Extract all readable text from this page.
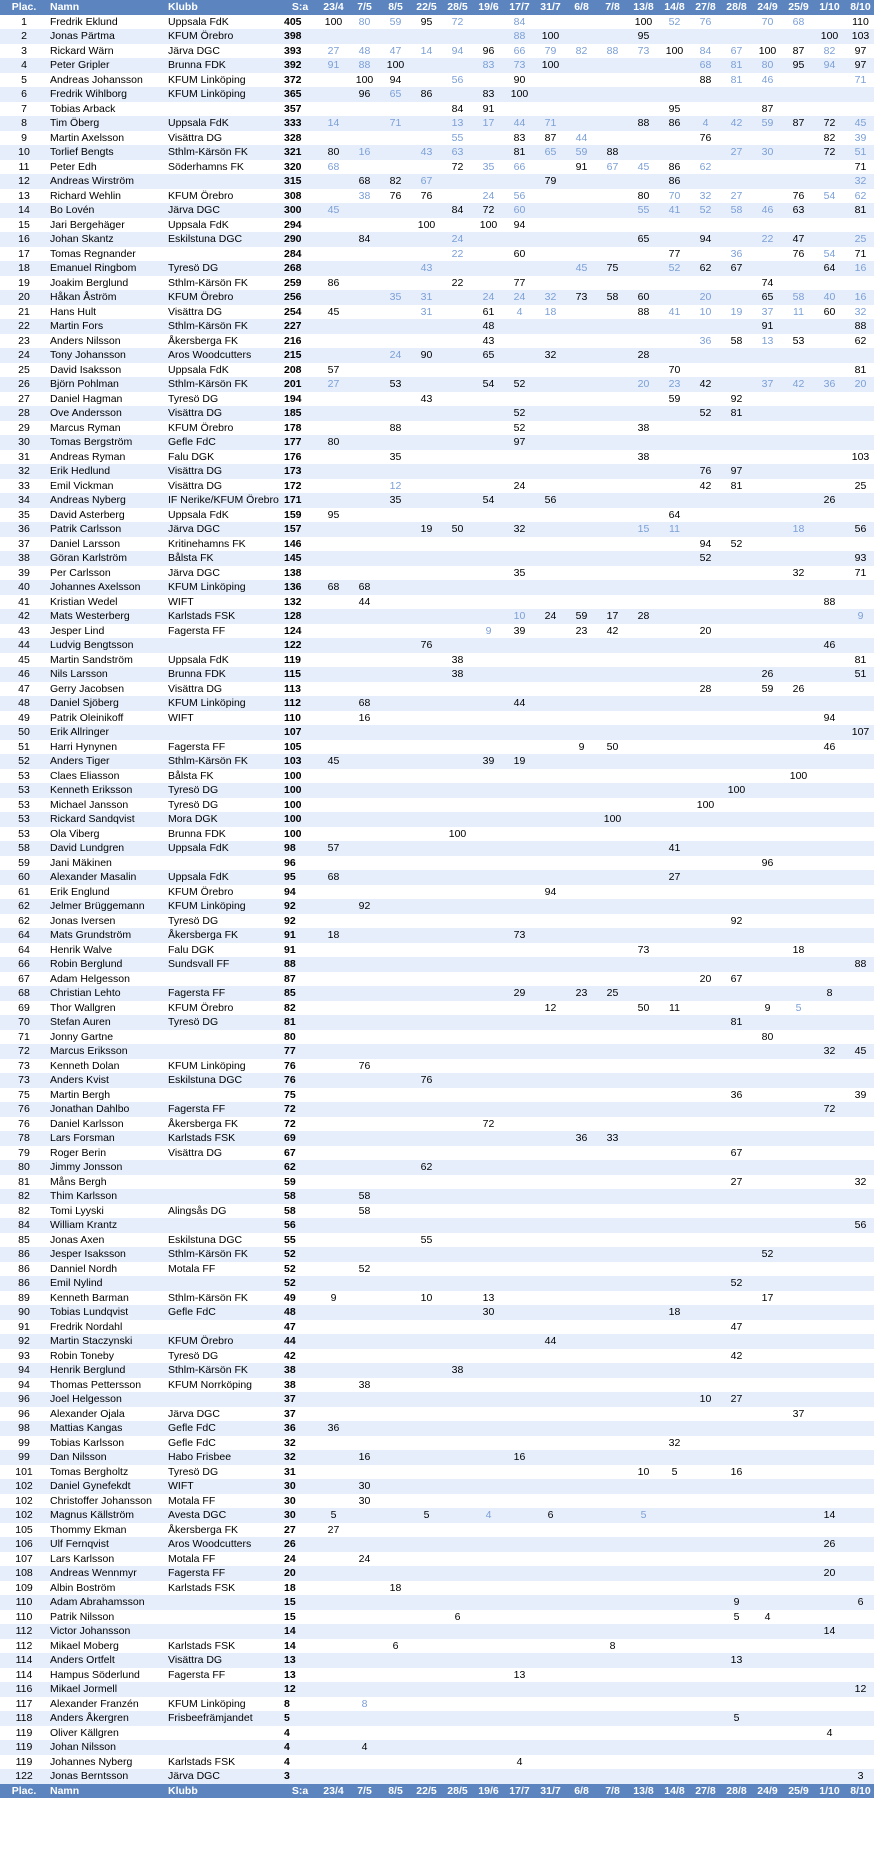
Plac.	Namn	Klubb	S:a	23/4	7/5	8/5	22/5	28/5	19/6	17/7	31/7	6/8	7/8	13/8	14/8	27/8	28/8	24/9	25/9	1/10	8/10
1	Fredrik Eklund	Uppsala FdK	405	100	80	59	95	72		84				100	52	76		70	68		110
2	Jonas Pärtma	KFUM Örebro	398							88	100			95						100	103
3	Rickard Wärn	Järva DGC	393	27	48	47	14	94	96	66	79	82	88	73	100	84	67	100	87	82	97
4	Peter Gripler	Brunna FDK	392	91	88	100			83	73	100					68	81	80	95	94	97
5	Andreas Johansson	KFUM Linköping	372		100	94		56		90						88	81	46			71
6	Fredrik Wihlborg	KFUM Linköping	365		96	65	86		83	100											
7	Tobias Arback		357					84	91						95			87			
8	Tim Öberg	Uppsala FdK	333	14		71		13	17	44	71			88	86	4	42	59	87	72	45
9	Martin Axelsson	Visättra DG	328					55		83	87	44				76				82	39
10	Torlief Bengts	Sthlm-Kärsön FK	321	80	16		43	63		81	65	59	88				27	30		72	51
11	Peter Edh	Söderhamns FK	320	68				72	35	66		91	67	45	86	62					71
12	Andreas Wirström		315		68	82	67				79				86						32
13	Richard Wehlin	KFUM Örebro	308		38	76	76		24	56				80	70	32	27		76	54	62
14	Bo Lovén	Järva DGC	300	45				84	72	60				55	41	52	58	46	63		81
15	Jari Bergehäger	Uppsala FdK	294				100		100	94											
16	Johan Skantz	Eskilstuna DGC	290		84			24						65		94		22	47		25
17	Tomas Regnander		284					22		60					77		36		76	54	71
18	Emanuel Ringbom	Tyresö DG	268				43					45	75		52	62	67			64	16
19	Joakim Berglund	Sthlm-Kärsön FK	259	86				22		77								74			
20	Håkan Åström	KFUM Örebro	256			35	31		24	24	32	73	58	60		20		65	58	40	16
21	Hans Hult	Visättra DG	254	45			31		61	4	18			88	41	10	19	37	11	60	32
22	Martin Fors	Sthlm-Kärsön FK	227						48									91			88
23	Anders Nilsson	Åkersberga FK	216						43							36	58	13	53		62
24	Tony Johansson	Aros Woodcutters	215			24	90		65		32			28							
25	David Isaksson	Uppsala FdK	208	57											70						81
26	Björn Pohlman	Sthlm-Kärsön FK	201	27		53			54	52				20	23	42		37	42	36	20
27	Daniel Hagman	Tyresö DG	194				43								59		92				
28	Ove Andersson	Visättra DG	185							52						52	81				
29	Marcus Ryman	KFUM Örebro	178			88				52				38							
30	Tomas Bergström	Gefle FdC	177	80						97											
31	Andreas Ryman	Falu DGK	176			35								38							103
32	Erik Hedlund	Visättra DG	173													76	97				
33	Emil Vickman	Visättra DG	172			12				24						42	81				25
34	Andreas Nyberg	IF Nerike/KFUM Örebro	171			35			54		56									26	
35	David Asterberg	Uppsala FdK	159	95											64						
36	Patrik Carlsson	Järva DGC	157				19	50		32				15	11				18		56
37	Daniel Larsson	Kritinehamns FK	146													94	52				
38	Göran Karlström	Bålsta FK	145													52					93
39	Per Carlsson	Järva DGC	138							35									32		71
40	Johannes Axelsson	KFUM Linköping	136	68	68																
41	Kristian Wedel	WIFT	132		44															88	
42	Mats Westerberg	Karlstads FSK	128							10	24	59	17	28							9
43	Jesper Lind	Fagersta FF	124						9	39		23	42			20					
44	Ludvig Bengtsson		122				76													46	
45	Martin Sandström	Uppsala FdK	119					38													81
46	Nils Larsson	Brunna FDK	115					38										26			51
47	Gerry Jacobsen	Visättra DG	113													28		59	26		
48	Daniel Sjöberg	KFUM Linköping	112		68					44											
49	Patrik Oleinikoff	WIFT	110		16															94	
50	Erik Allringer		107																		107
51	Harri Hynynen	Fagersta FF	105									9	50							46	
52	Anders Tiger	Sthlm-Kärsön FK	103	45					39	19											
53	Claes Eliasson	Bålsta FK	100																100		
53	Kenneth Eriksson	Tyresö DG	100														100				
53	Michael Jansson	Tyresö DG	100													100					
53	Rickard Sandqvist	Mora DGK	100										100								
53	Ola Viberg	Brunna FDK	100					100													
58	David Lundgren	Uppsala FdK	98	57											41						
59	Jani Mäkinen		96															96			
60	Alexander Masalin	Uppsala FdK	95	68											27						
61	Erik Englund	KFUM Örebro	94								94										
62	Jelmer Brüggemann	KFUM Linköping	92		92																
62	Jonas Iversen	Tyresö DG	92														92				
64	Mats Grundström	Åkersberga FK	91	18						73											
64	Henrik Walve	Falu DGK	91											73					18		
66	Robin Berglund	Sundsvall FF	88																		88
67	Adam Helgesson		87													20	67				
68	Christian Lehto	Fagersta FF	85							29		23	25							8	
69	Thor Wallgren	KFUM Örebro	82								12			50	11			9	5		
70	Stefan Auren	Tyresö DG	81														81				
71	Jonny Gartne		80															80			
72	Marcus Eriksson		77																	32	45
73	Kenneth Dolan	KFUM Linköping	76		76																
73	Anders Kvist	Eskilstuna DGC	76				76														
75	Martin Bergh		75														36				39
76	Jonathan Dahlbo	Fagersta FF	72																	72	
76	Daniel Karlsson	Åkersberga FK	72						72												
78	Lars Forsman	Karlstads FSK	69									36	33								
79	Roger Berin	Visättra DG	67														67				
80	Jimmy Jonsson		62				62														
81	Måns Bergh		59														27				32
82	Thim Karlsson		58		58																
82	Tomi Lyyski	Alingsås DG	58		58																
84	William Krantz		56																		56
85	Jonas Axen	Eskilstuna DGC	55				55														
86	Jesper Isaksson	Sthlm-Kärsön FK	52															52			
86	Danniel Nordh	Motala FF	52		52																
86	Emil Nylind		52														52				
89	Kenneth Barman	Sthlm-Kärsön FK	49	9			10		13									17			
90	Tobias Lundqvist	Gefle FdC	48						30						18						
91	Fredrik Nordahl		47														47				
92	Martin Staczynski	KFUM Örebro	44								44										
93	Robin Toneby	Tyresö DG	42														42				
94	Henrik Berglund	Sthlm-Kärsön FK	38					38													
94	Thomas Pettersson	KFUM Norrköping	38		38																
96	Joel Helgesson		37													10	27				
96	Alexander Ojala	Järva DGC	37																37		
98	Mattias Kangas	Gefle FdC	36	36																	
99	Tobias Karlsson	Gefle FdC	32												32						
99	Dan Nilsson	Habo Frisbee	32		16					16											
101	Tomas Bergholtz	Tyresö DG	31											10	5		16				
102	Daniel Gynefekdt	WIFT	30		30																
102	Christoffer Johansson	Motala FF	30		30																
102	Magnus Källström	Avesta DGC	30	5			5		4		6			5						14	
105	Thommy Ekman	Åkersberga FK	27	27																	
106	Ulf Fernqvist	Aros Woodcutters	26																	26	
107	Lars Karlsson	Motala FF	24		24																
108	Andreas Wennmyr	Fagersta FF	20																	20	
109	Albin Boström	Karlstads FSK	18			18															
110	Adam Abrahamsson		15														9				6
110	Patrik Nilsson		15					6									5	4			
112	Victor Johansson		14																	14	
112	Mikael Moberg	Karlstads FSK	14			6							8								
114	Anders Ortfelt	Visättra DG	13														13				
114	Hampus Söderlund	Fagersta FF	13							13											
116	Mikael Jormell		12																		12
117	Alexander Franzén	KFUM Linköping	8		8																
118	Anders Åkergren	Frisbeefrämjandet	5														5				
119	Oliver Källgren		4																	4	
119	Johan Nilsson		4		4																
119	Johannes Nyberg	Karlstads FSK	4							4											
122	Jonas Berntsson	Järva DGC	3																		3
Plac.	Namn	Klubb	S:a	23/4	7/5	8/5	22/5	28/5	19/6	17/7	31/7	6/8	7/8	13/8	14/8	27/8	28/8	24/9	25/9	1/10	8/10
